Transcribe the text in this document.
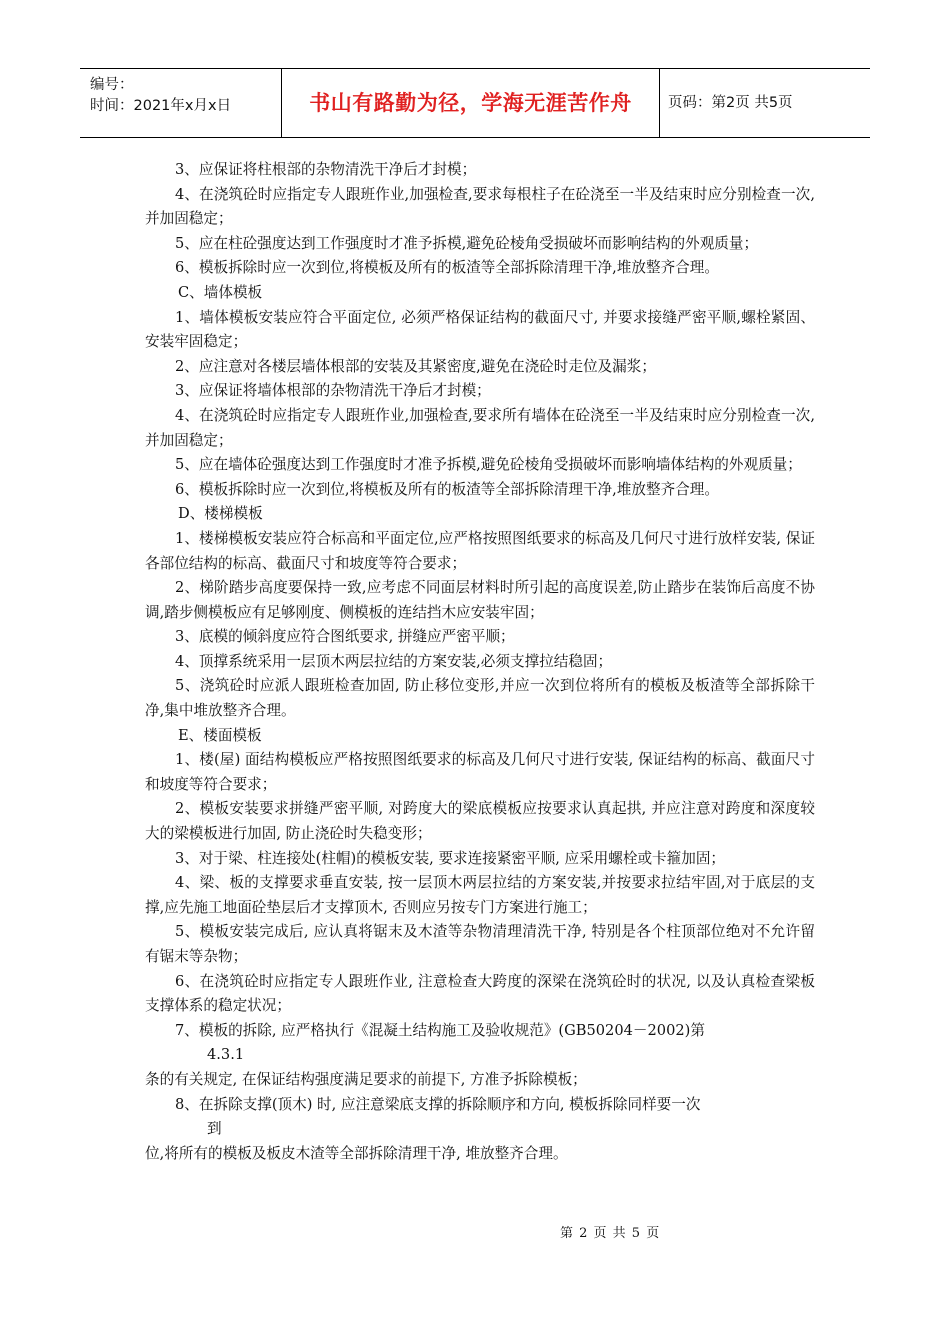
编号：
时间：2021年x月x日	书山有路勤为径，学海无涯苦作舟	页码：第2页 共5页

3、应保证将柱根部的杂物清洗干净后才封模；

4、在浇筑砼时应指定专人跟班作业,加强检查,要求每根柱子在砼浇至一半及结束时应分别检查一次,并加固稳定；

5、应在柱砼强度达到工作强度时才准予拆模,避免砼棱角受损破坏而影响结构的外观质量；

6、模板拆除时应一次到位,将模板及所有的板渣等全部拆除清理干净,堆放整齐合理。

C、墙体模板

1、墙体模板安装应符合平面定位, 必须严格保证结构的截面尺寸, 并要求接缝严密平顺,螺栓紧固、安装牢固稳定；

2、应注意对各楼层墙体根部的安装及其紧密度,避免在浇砼时走位及漏浆；

3、应保证将墙体根部的杂物清洗干净后才封模；

4、在浇筑砼时应指定专人跟班作业,加强检查,要求所有墙体在砼浇至一半及结束时应分别检查一次,并加固稳定；

5、应在墙体砼强度达到工作强度时才准予拆模,避免砼棱角受损破坏而影响墙体结构的外观质量；

6、模板拆除时应一次到位,将模板及所有的板渣等全部拆除清理干净,堆放整齐合理。

D、楼梯模板

1、楼梯模板安装应符合标高和平面定位,应严格按照图纸要求的标高及几何尺寸进行放样安装, 保证各部位结构的标高、截面尺寸和坡度等符合要求；

2、梯阶踏步高度要保持一致,应考虑不同面层材料时所引起的高度误差,防止踏步在装饰后高度不协调,踏步侧模板应有足够刚度、侧模板的连结挡木应安装牢固；

3、底模的倾斜度应符合图纸要求, 拼缝应严密平顺；

4、顶撑系统采用一层顶木两层拉结的方案安装,必须支撑拉结稳固；

5、浇筑砼时应派人跟班检查加固, 防止移位变形,并应一次到位将所有的模板及板渣等全部拆除干净,集中堆放整齐合理。

E、楼面模板

1、楼(屋) 面结构模板应严格按照图纸要求的标高及几何尺寸进行安装, 保证结构的标高、截面尺寸和坡度等符合要求；

2、模板安装要求拼缝严密平顺, 对跨度大的梁底模板应按要求认真起拱, 并应注意对跨度和深度较大的梁模板进行加固, 防止浇砼时失稳变形；

3、对于梁、柱连接处(柱帽)的模板安装, 要求连接紧密平顺, 应采用螺栓或卡箍加固；

4、梁、板的支撑要求垂直安装, 按一层顶木两层拉结的方案安装,并按要求拉结牢固,对于底层的支撑,应先施工地面砼垫层后才支撑顶木, 否则应另按专门方案进行施工；

5、模板安装完成后, 应认真将锯末及木渣等杂物清理清洗干净, 特别是各个柱顶部位绝对不允许留有锯末等杂物；

6、在浇筑砼时应指定专人跟班作业, 注意检查大跨度的深梁在浇筑砼时的状况, 以及认真检查梁板支撑体系的稳定状况；

7、模板的拆除, 应严格执行《混凝土结构施工及验收规范》(GB50204－2002)第

4.3.1

条的有关规定, 在保证结构强度满足要求的前提下, 方准予拆除模板；

8、在拆除支撑(顶木) 时, 应注意梁底支撑的拆除顺序和方向, 模板拆除同样要一次

到

位,将所有的模板及板皮木渣等全部拆除清理干净, 堆放整齐合理。

第 2 页 共 5 页
